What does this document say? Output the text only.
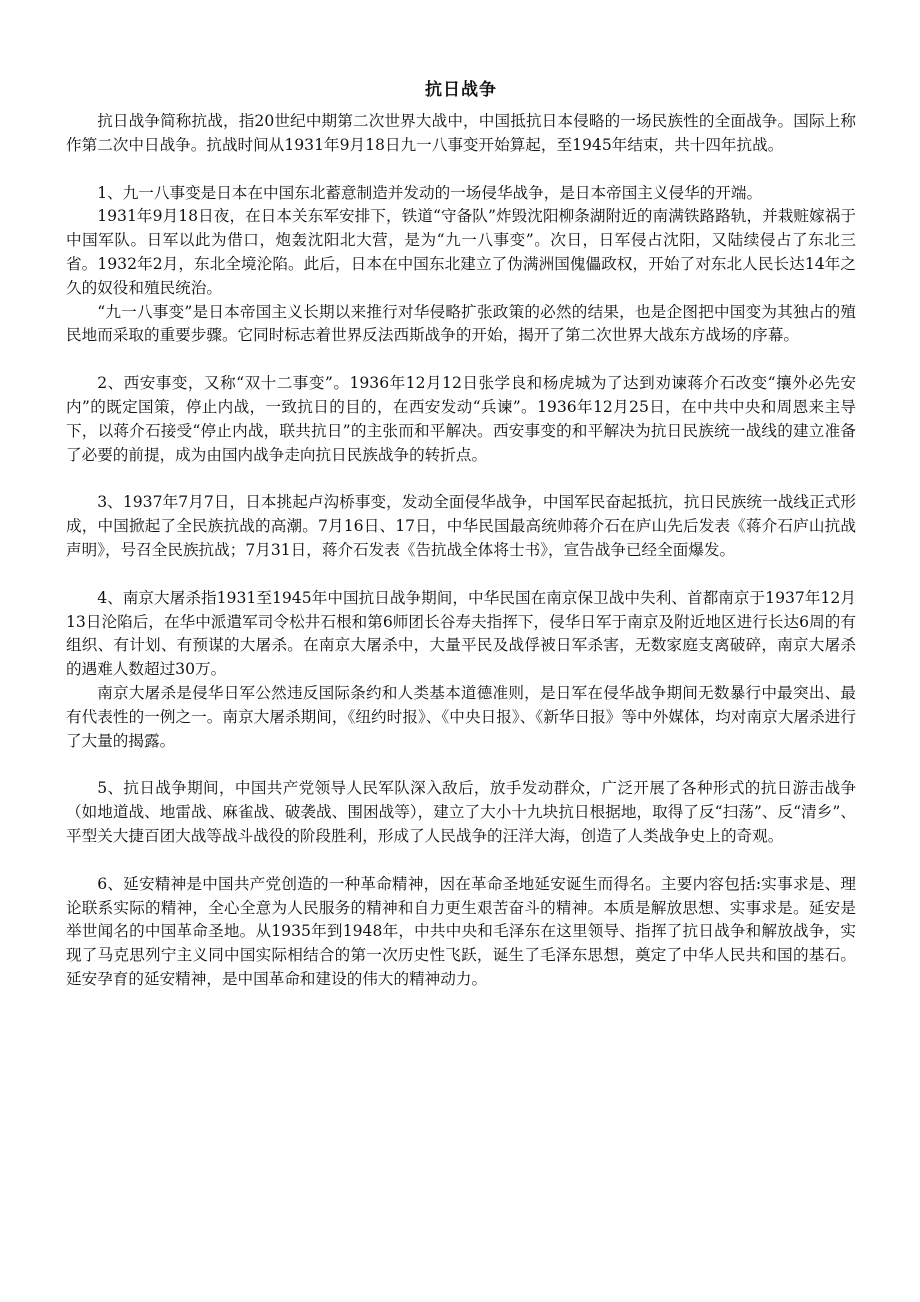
抗日战争

抗日战争简称抗战，指20世纪中期第二次世界大战中，中国抵抗日本侵略的一场民族性的全面战争。国际上称作第二次中日战争。抗战时间从1931年9月18日九一八事变开始算起，至1945年结束，共十四年抗战。

1、九一八事变是日本在中国东北蓄意制造并发动的一场侵华战争，是日本帝国主义侵华的开端。

1931年9月18日夜，在日本关东军安排下，铁道“守备队”炸毁沈阳柳条湖附近的南满铁路路轨，并栽赃嫁祸于中国军队。日军以此为借口，炮轰沈阳北大营，是为“九一八事变”。次日，日军侵占沈阳，又陆续侵占了东北三省。1932年2月，东北全境沦陷。此后，日本在中国东北建立了伪满洲国傀儡政权，开始了对东北人民长达14年之久的奴役和殖民统治。

“九一八事变”是日本帝国主义长期以来推行对华侵略扩张政策的必然的结果，也是企图把中国变为其独占的殖民地而采取的重要步骤。它同时标志着世界反法西斯战争的开始，揭开了第二次世界大战东方战场的序幕。

2、西安事变，又称“双十二事变”。1936年12月12日张学良和杨虎城为了达到劝谏蒋介石改变“攘外必先安内”的既定国策，停止内战，一致抗日的目的，在西安发动“兵谏”。1936年12月25日，在中共中央和周恩来主导下，以蒋介石接受“停止内战，联共抗日”的主张而和平解决。西安事变的和平解决为抗日民族统一战线的建立准备了必要的前提，成为由国内战争走向抗日民族战争的转折点。

3、1937年7月7日，日本挑起卢沟桥事变，发动全面侵华战争，中国军民奋起抵抗，抗日民族统一战线正式形成，中国掀起了全民族抗战的高潮。7月16日、17日，中华民国最高统帅蒋介石在庐山先后发表《蒋介石庐山抗战声明》，号召全民族抗战；7月31日，蒋介石发表《告抗战全体将士书》，宣告战争已经全面爆发。

4、南京大屠杀指1931至1945年中国抗日战争期间，中华民国在南京保卫战中失利、首都南京于1937年12月13日沦陷后，在华中派遣军司令松井石根和第6师团长谷寿夫指挥下，侵华日军于南京及附近地区进行长达6周的有组织、有计划、有预谋的大屠杀。在南京大屠杀中，大量平民及战俘被日军杀害，无数家庭支离破碎，南京大屠杀的遇难人数超过30万。

南京大屠杀是侵华日军公然违反国际条约和人类基本道德准则，是日军在侵华战争期间无数暴行中最突出、最有代表性的一例之一。南京大屠杀期间，《纽约时报》、《中央日报》、《新华日报》等中外媒体，均对南京大屠杀进行了大量的揭露。

5、抗日战争期间，中国共产党领导人民军队深入敌后，放手发动群众，广泛开展了各种形式的抗日游击战争（如地道战、地雷战、麻雀战、破袭战、围困战等），建立了大小十九块抗日根据地，取得了反“扫荡”、反“清乡”、平型关大捷百团大战等战斗战役的阶段胜利，形成了人民战争的汪洋大海，创造了人类战争史上的奇观。

6、延安精神是中国共产党创造的一种革命精神，因在革命圣地延安诞生而得名。主要内容包括:实事求是、理论联系实际的精神，全心全意为人民服务的精神和自力更生艰苦奋斗的精神。本质是解放思想、实事求是。延安是举世闻名的中国革命圣地。从1935年到1948年，中共中央和毛泽东在这里领导、指挥了抗日战争和解放战争，实现了马克思列宁主义同中国实际相结合的第一次历史性飞跃，诞生了毛泽东思想，奠定了中华人民共和国的基石。延安孕育的延安精神，是中国革命和建设的伟大的精神动力。
